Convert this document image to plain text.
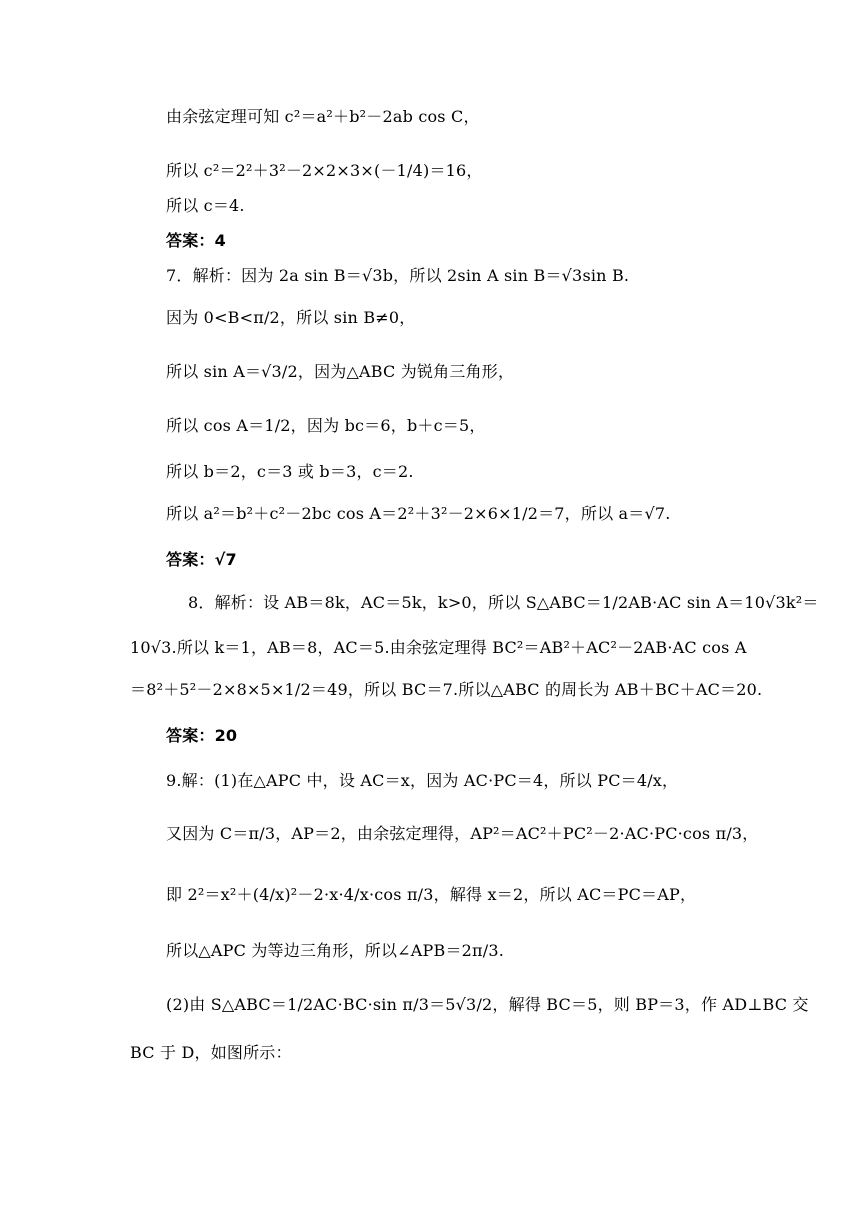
由余弦定理可知 c²＝a²＋b²－2ab cos C，
所以 c²＝2²＋3²－2×2×3×(－1/4)＝16，
所以 c＝4.
答案：4
7．解析：因为 2a sin B＝√3b，所以 2sin A sin B＝√3sin B.
因为 0<B<π/2，所以 sin B≠0，
所以 sin A＝√3/2，因为△ABC 为锐角三角形，
所以 cos A＝1/2，因为 bc＝6，b＋c＝5，
所以 b＝2，c＝3 或 b＝3，c＝2.
所以 a²＝b²＋c²－2bc cos A＝2²＋3²－2×6×1/2＝7，所以 a＝√7.
答案：√7
8．解析：设 AB＝8k，AC＝5k，k>0，所以 S△ABC＝1/2AB·AC sin A＝10√3k²＝
10√3.所以 k＝1，AB＝8，AC＝5.由余弦定理得 BC²＝AB²＋AC²－2AB·AC cos A
＝8²＋5²－2×8×5×1/2＝49，所以 BC＝7.所以△ABC 的周长为 AB＋BC＋AC＝20.
答案：20
9.解：(1)在△APC 中，设 AC＝x，因为 AC·PC＝4，所以 PC＝4/x，
又因为 C＝π/3，AP＝2，由余弦定理得，AP²＝AC²＋PC²－2·AC·PC·cos π/3，
即 2²＝x²＋(4/x)²－2·x·4/x·cos π/3，解得 x＝2，所以 AC＝PC＝AP，
所以△APC 为等边三角形，所以∠APB＝2π/3.
(2)由 S△ABC＝1/2AC·BC·sin π/3＝5√3/2，解得 BC＝5，则 BP＝3，作 AD⊥BC 交
BC 于 D，如图所示：
